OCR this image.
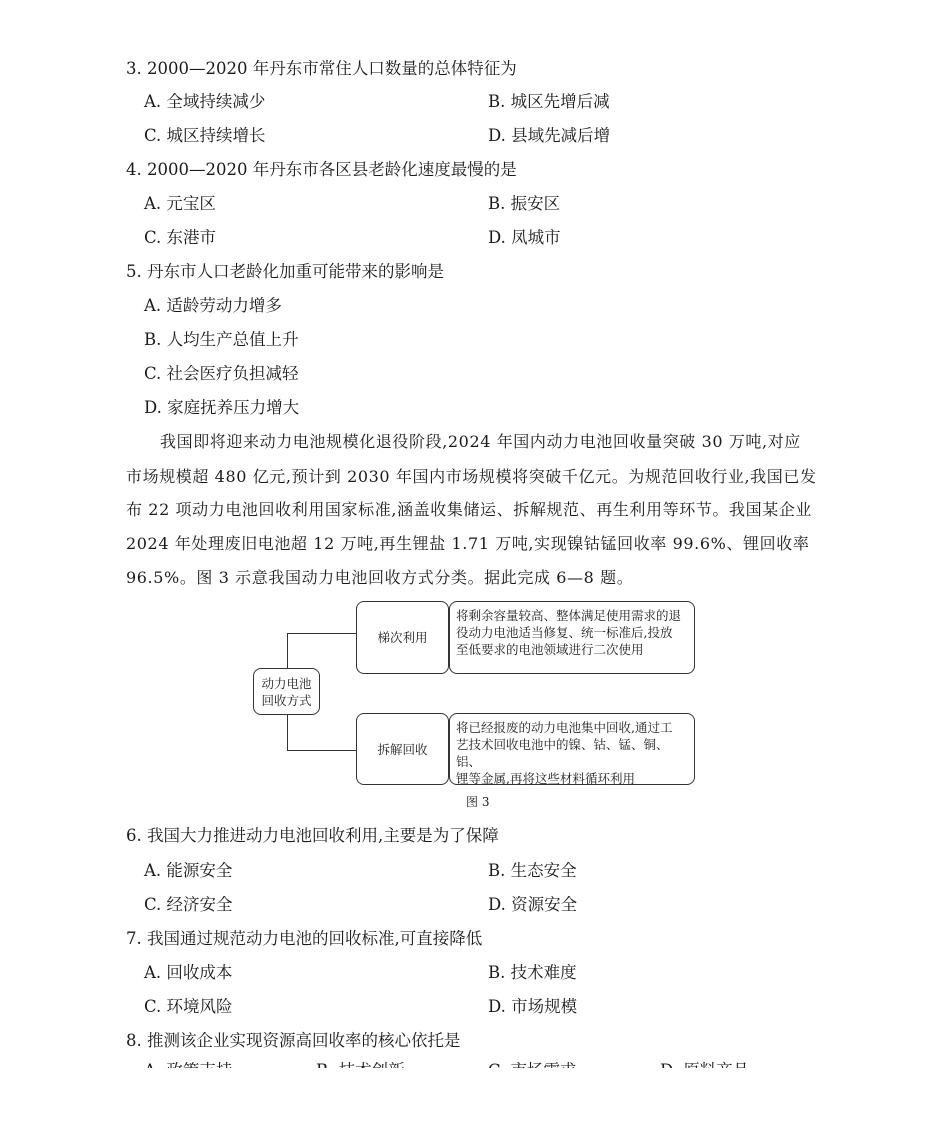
3. 2000—2020 年丹东市常住人口数量的总体特征为
A. 全域持续减少	B. 城区先增后减
C. 城区持续增长	D. 县域先减后增
4. 2000—2020 年丹东市各区县老龄化速度最慢的是
A. 元宝区	B. 振安区
C. 东港市	D. 凤城市
5. 丹东市人口老龄化加重可能带来的影响是
A. 适龄劳动力增多
B. 人均生产总值上升
C. 社会医疗负担减轻
D. 家庭抚养压力增大
我国即将迎来动力电池规模化退役阶段,2024 年国内动力电池回收量突破 30 万吨,对应
市场规模超 480 亿元,预计到 2030 年国内市场规模将突破千亿元。为规范回收行业,我国已发
布 22 项动力电池回收利用国家标准,涵盖收集储运、拆解规范、再生利用等环节。我国某企业
2024 年处理废旧电池超 12 万吨,再生锂盐 1.71 万吨,实现镍钴锰回收率 99.6%、锂回收率
96.5%。图 3 示意我国动力电池回收方式分类。据此完成 6—8 题。
动力电池
回收方式
梯次利用
将剩余容量较高、整体满足使用需求的退
役动力电池适当修复、统一标准后,投放
至低要求的电池领域进行二次使用
拆解回收
将已经报废的动力电池集中回收,通过工
艺技术回收电池中的镍、钴、锰、铜、铝、
锂等金属,再将这些材料循环利用
图 3
6. 我国大力推进动力电池回收利用,主要是为了保障
A. 能源安全	B. 生态安全
C. 经济安全	D. 资源安全
7. 我国通过规范动力电池的回收标准,可直接降低
A. 回收成本	B. 技术难度
C. 环境风险	D. 市场规模
8. 推测该企业实现资源高回收率的核心依托是
